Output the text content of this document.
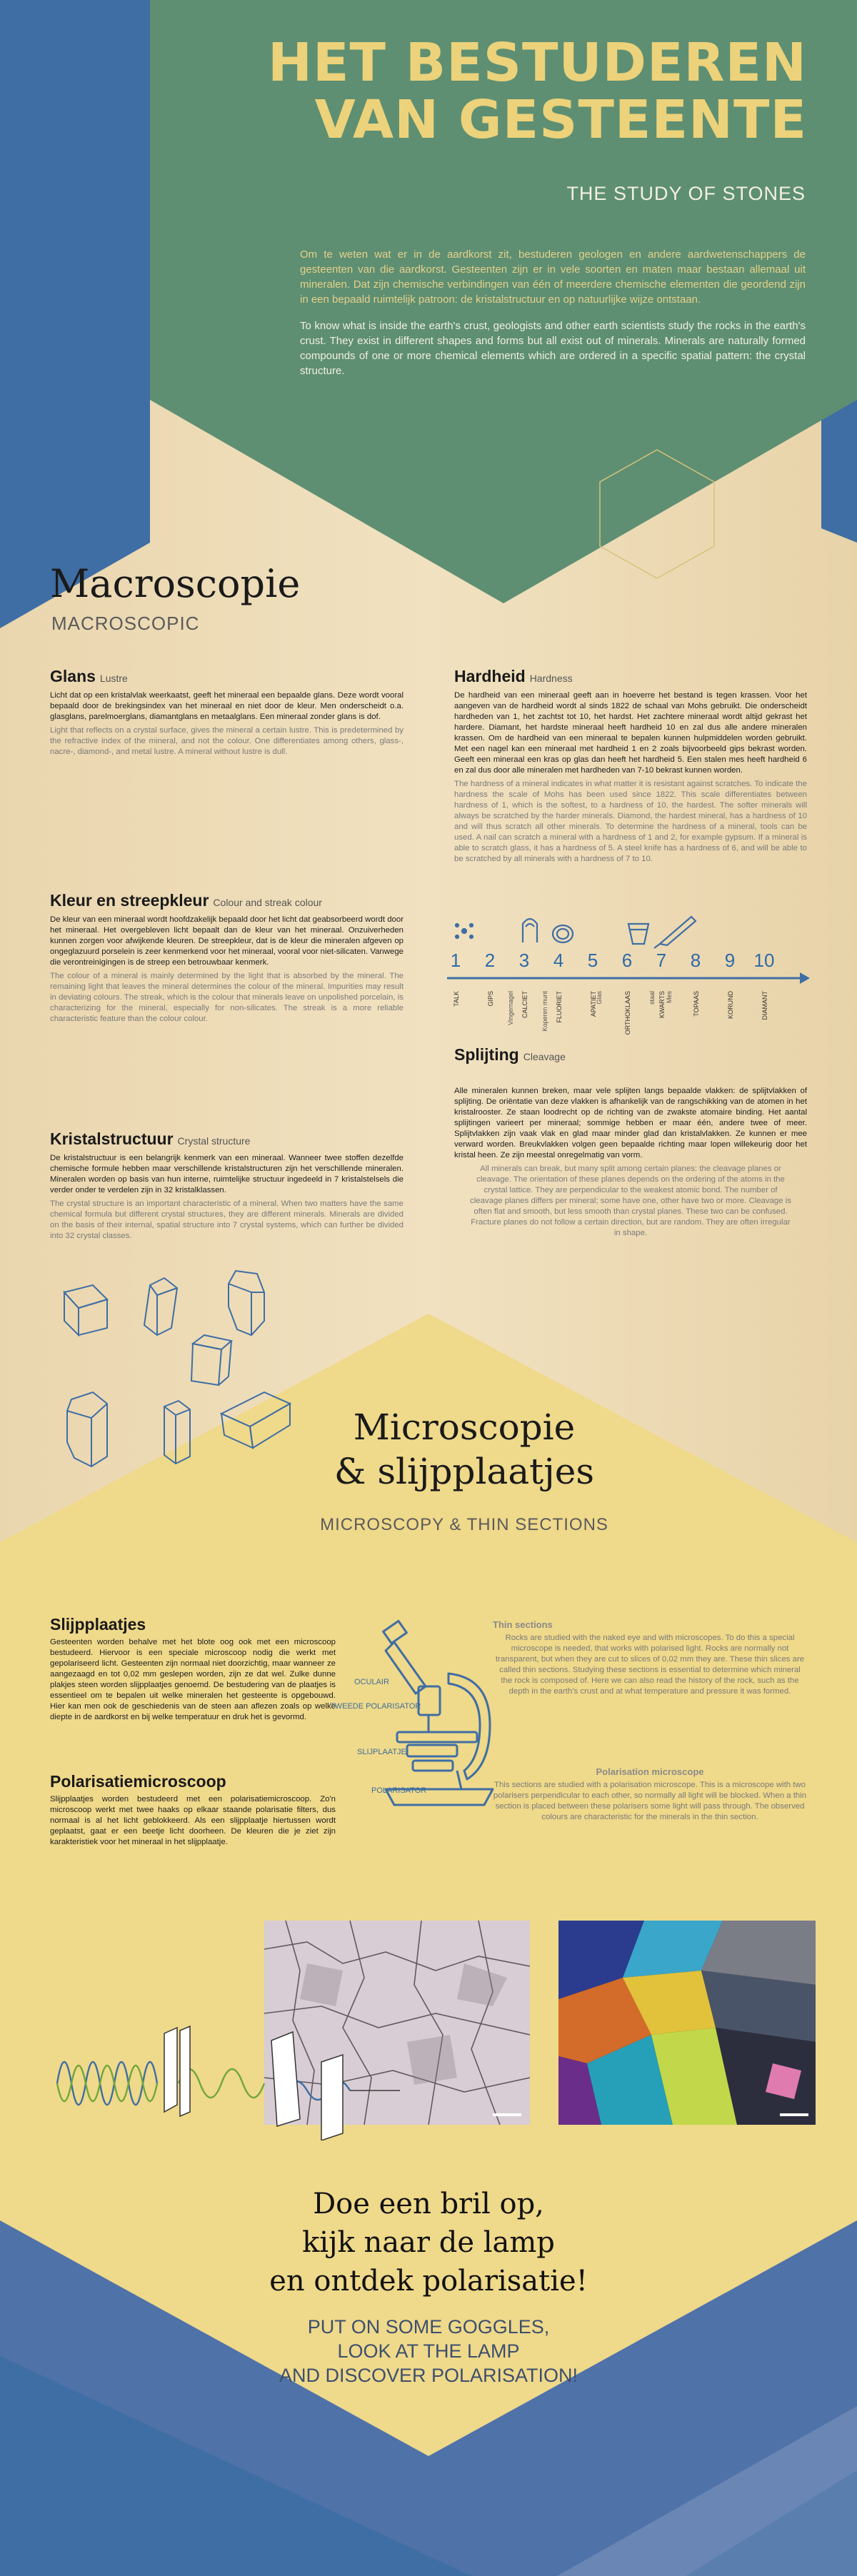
HET BESTUDEREN
VAN GESTEENTE
THE STUDY OF STONES

Om te weten wat er in de aardkorst zit, bestuderen geologen en andere aardwetenschappers de gesteenten van die aardkorst. Gesteenten zijn er in vele soorten en maten maar bestaan allemaal uit mineralen. Dat zijn chemische verbindingen van één of meerdere chemische elementen die geordend zijn in een bepaald ruimtelijk patroon: de kristalstructuur en op natuurlijke wijze ontstaan.

To know what is inside the earth's crust, geologists and other earth scientists study the rocks in the earth's crust. They exist in different shapes and forms but all exist out of minerals. Minerals are naturally formed compounds of one or more chemical elements which are ordered in a specific spatial pattern: the crystal structure.

Macroscopie
MACROSCOPIC
Glans Lustre

Licht dat op een kristalvlak weerkaatst, geeft het mineraal een bepaalde glans. Deze wordt vooral bepaald door de brekingsindex van het mineraal en niet door de kleur. Men onderscheidt o.a. glasglans, parelmoerglans, diamantglans en metaalglans. Een mineraal zonder glans is dof.

Light that reflects on a crystal surface, gives the mineral a certain lustre. This is predetermined by the refractive index of the mineral, and not the colour. One differentiates among others, glass-, nacre-, diamond-, and metal lustre. A mineral without lustre is dull.

Kleur en streepkleur Colour and streak colour

De kleur van een mineraal wordt hoofdzakelijk bepaald door het licht dat geabsorbeerd wordt door het mineraal. Het overgebleven licht bepaalt dan de kleur van het mineraal. Onzuiverheden kunnen zorgen voor afwijkende kleuren. De streepkleur, dat is de kleur die mineralen afgeven op ongeglazuurd porselein is zeer kenmerkend voor het mineraal, vooral voor niet-silicaten. Vanwege die verontreinigingen is de streep een betrouwbaar kenmerk.

The colour of a mineral is mainly determined by the light that is absorbed by the mineral. The remaining light that leaves the mineral determines the colour of the mineral. Impurities may result in deviating colours. The streak, which is the colour that minerals leave on unpolished porcelain, is characterizing for the mineral, especially for non-silicates. The streak is a more reliable characteristic feature than the colour colour.

Kristalstructuur Crystal structure

De kristalstructuur is een belangrijk kenmerk van een mineraal. Wanneer twee stoffen dezelfde chemische formule hebben maar verschillende kristalstructuren zijn het verschillende mineralen. Mineralen worden op basis van hun interne, ruimtelijke structuur ingedeeld in 7 kristalstelsels die verder onder te verdelen zijn in 32 kristalklassen.

The crystal structure is an important characteristic of a mineral. When two matters have the same chemical formula but different crystal structures, they are different minerals. Minerals are divided on the basis of their internal, spatial structure into 7 crystal systems, which can further be divided into 32 crystal classes.

Hardheid Hardness

De hardheid van een mineraal geeft aan in hoeverre het bestand is tegen krassen. Voor het aangeven van de hardheid wordt al sinds 1822 de schaal van Mohs gebruikt. Die onderscheidt hardheden van 1, het zachtst tot 10, het hardst. Het zachtere mineraal wordt altijd gekrast het hardere. Diamant, het hardste mineraal heeft hardheid 10 en zal dus alle andere mineralen krassen. Om de hardheid van een mineraal te bepalen kunnen hulpmiddelen worden gebruikt. Met een nagel kan een mineraal met hardheid 1 en 2 zoals bijvoorbeeld gips bekrast worden. Geeft een mineraal een kras op glas dan heeft het hardheid 5. Een stalen mes heeft hardheid 6 en zal dus door alle mineralen met hardheden van 7-10 bekrast kunnen worden.

The hardness of a mineral indicates in what matter it is resistant against scratches. To indicate the hardness the scale of Mohs has been used since 1822. This scale differentiates between hardness of 1, which is the softest, to a hardness of 10, the hardest. The softer minerals will always be scratched by the harder minerals. Diamond, the hardest mineral, has a hardness of 10 and will thus scratch all other minerals. To determine the hardness of a mineral, tools can be used. A nail can scratch a mineral with a hardness of 1 and 2, for example gypsum. If a mineral is able to scratch glass, it has a hardness of 5. A steel knife has a hardness of 6, and will be able to be scratched by all minerals with a hardness of 7 to 10.

1
TALK
2
GIPS
3
CALCIET
4
FLUORIET
5
APATIET
6
ORTHOKLAAS
7
KWARTS
8
TOPAAS
9
KORUND
10
DIAMANT
Vingernagel	Koperen munt	Mes
Glas	staal
Splijting Cleavage

Alle mineralen kunnen breken, maar vele splijten langs bepaalde vlakken: de splijtvlakken of splijting. De oriëntatie van deze vlakken is afhankelijk van de rangschikking van de atomen in het kristalrooster. Ze staan loodrecht op de richting van de zwakste atomaire binding. Het aantal splijtingen varieert per mineraal; sommige hebben er maar één, andere twee of meer. Splijtvlakken zijn vaak vlak en glad maar minder glad dan kristalvlakken. Ze kunnen er mee verward worden. Breukvlakken volgen geen bepaalde richting maar lopen willekeurig door het kristal heen. Ze zijn meestal onregelmatig van vorm.

All minerals can break, but many split among certain planes: the cleavage planes or cleavage. The orientation of these planes depends on the ordering of the atoms in the crystal lattice. They are perpendicular to the weakest atomic bond. The number of cleavage planes differs per mineral; some have one, other have two or more. Cleavage is often flat and smooth, but less smooth than crystal planes. These two can be confused. Fracture planes do not follow a certain direction, but are random. They are often irregular in shape.

Microscopie
& slijpplaatjes
MICROSCOPY & THIN SECTIONS
Slijpplaatjes

Gesteenten worden behalve met het blote oog ook met een microscoop bestudeerd. Hiervoor is een speciale microscoop nodig die werkt met gepolariseerd licht. Gesteenten zijn normaal niet doorzichtig, maar wanneer ze aangezaagd en tot 0,02 mm geslepen worden, zijn ze dat wel. Zulke dunne plakjes steen worden slijpplaatjes genoemd. De bestudering van de plaatjes is essentieel om te bepalen uit welke mineralen het gesteente is opgebouwd. Hier kan men ook de geschiedenis van de steen aan aflezen zoals op welke diepte in de aardkorst en bij welke temperatuur en druk het is gevormd.

Polarisatiemicroscoop

Slijpplaatjes worden bestudeerd met een polarisatiemicroscoop. Zo'n microscoop werkt met twee haaks op elkaar staande polarisatie filters, dus normaal is al het licht geblokkeerd. Als een slijpplaatje hiertussen wordt geplaatst, gaat er een beetje licht doorheen. De kleuren die je ziet zijn karakteristiek voor het mineraal in het slijpplaatje.

OCULAIR
TWEEDE POLARISATOR
SLIJPLAATJE
POLARISATOR
Thin sections

Rocks are studied with the naked eye and with microscopes. To do this a special microscope is needed, that works with polarised light. Rocks are normally not transparent, but when they are cut to slices of 0,02 mm they are. These thin slices are called thin sections. Studying these sections is essential to determine which mineral the rock is composed of. Here we can also read the history of the rock, such as the depth in the earth's crust and at what temperature and pressure it was formed.

Polarisation microscope

This sections are studied with a polarisation microscope. This is a microscope with two polarisers perpendicular to each other, so normally all light will be blocked. When a thin section is placed between these polarisers some light will pass through. The observed colours are characteristic for the minerals in the thin section.

Doe een bril op,
kijk naar de lamp
en ontdek polarisatie!
PUT ON SOME GOGGLES,
LOOK AT THE LAMP
AND DISCOVER POLARISATION!
